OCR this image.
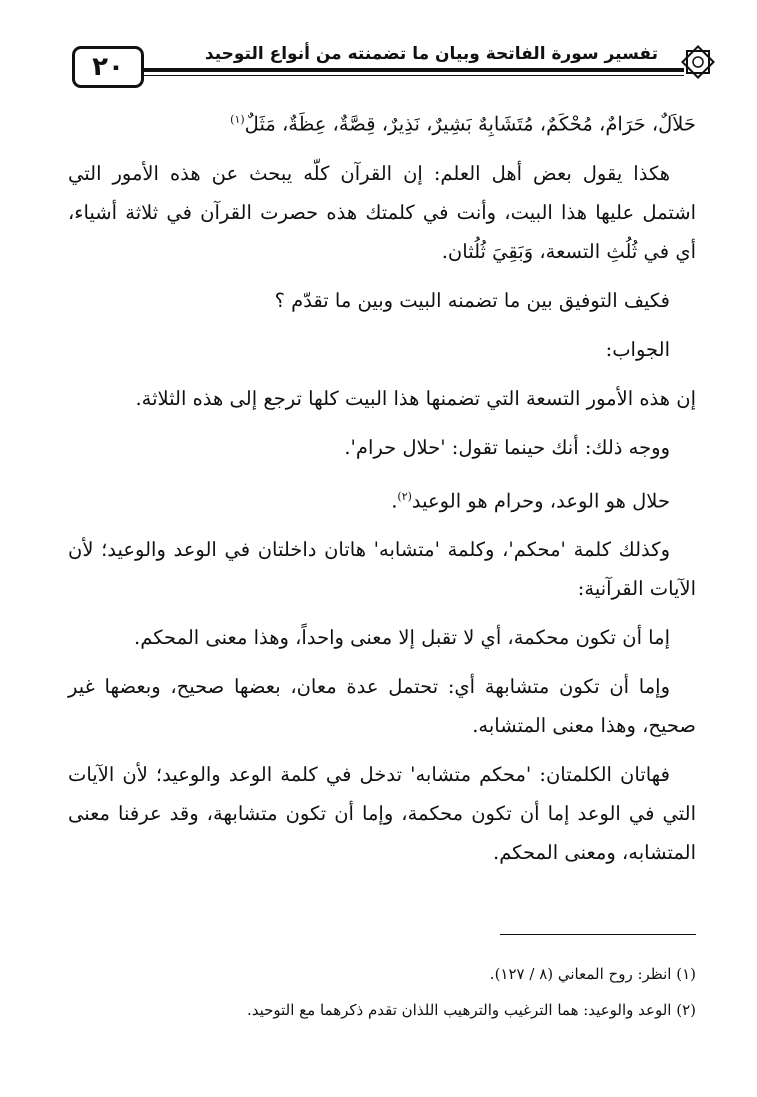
٢٠	تفسير سورة الفاتحة وبيان ما تضمنته من أنواع التوحيد

حَلاَلٌ، حَرَامٌ، مُحْكَمٌ، مُتَشَابِهٌ بَشِيرٌ، نَذِيرٌ، قِصَّةٌ، عِظَةٌ، مَثَلٌ$^{(١)}$

هكذا يقول بعض أهل العلم: إن القرآن كلّه يبحث عن هذه الأمور التي اشتمل عليها هذا البيت، وأنت في كلمتك هذه حصرت القرآن في ثلاثة أشياء، أي في ثُلُثِ التسعة، وَبَقِيَ ثُلُثان.

فكيف التوفيق بين ما تضمنه البيت وبين ما تقدّم ؟

الجواب:

إن هذه الأمور التسعة التي تضمنها هذا البيت كلها ترجع إلى هذه الثلاثة.

ووجه ذلك: أنك حينما تقول: 'حلال حرام'.

حلال هو الوعد، وحرام هو الوعيد$^{(٢)}$.

وكذلك كلمة 'محكم'، وكلمة 'متشابه' هاتان داخلتان في الوعد والوعيد؛ لأن الآيات القرآنية:

إما أن تكون محكمة، أي لا تقبل إلا معنى واحداً، وهذا معنى المحكم.

وإما أن تكون متشابهة أي: تحتمل عدة معان، بعضها صحيح، وبعضها غير صحيح، وهذا معنى المتشابه.

فهاتان الكلمتان: 'محكم متشابه' تدخل في كلمة الوعد والوعيد؛ لأن الآيات التي في الوعد إما أن تكون محكمة، وإما أن تكون متشابهة، وقد عرفنا معنى المتشابه، ومعنى المحكم.

(١) انظر: روح المعاني (٨ / ١٢٧).
(٢) الوعد والوعيد: هما الترغيب والترهيب اللذان تقدم ذكرهما مع التوحيد.
